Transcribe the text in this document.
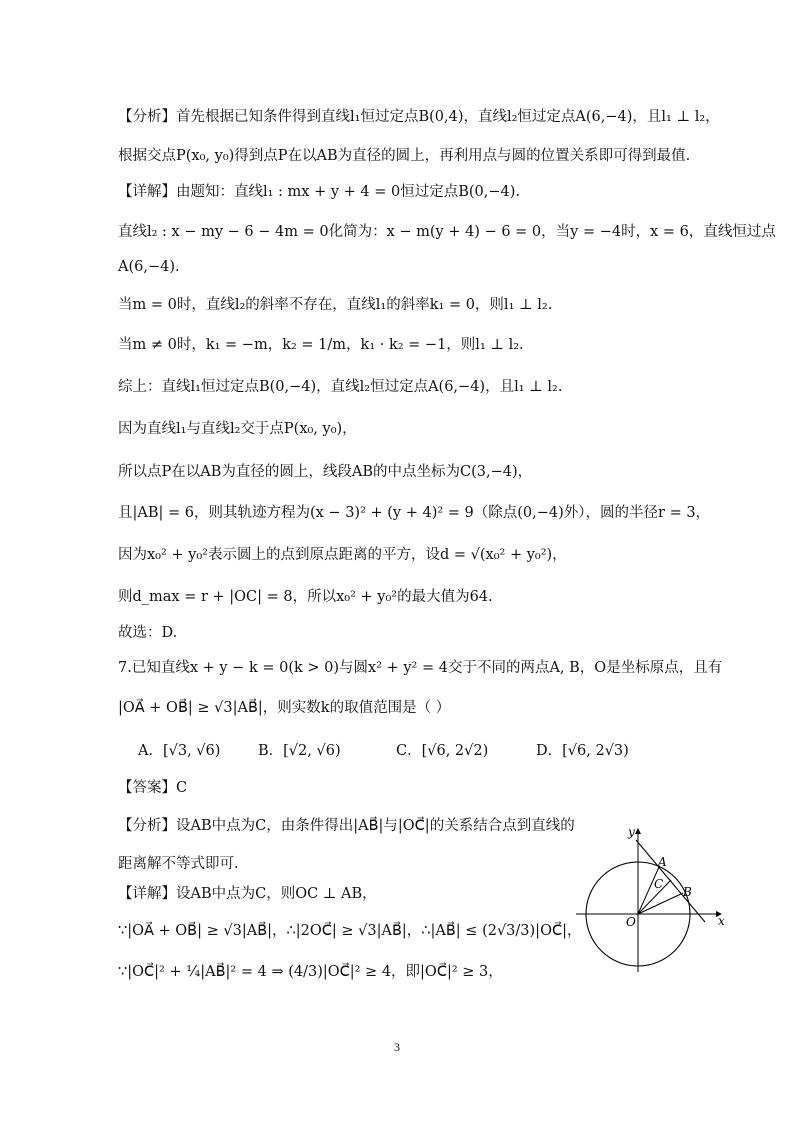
【分析】首先根据已知条件得到直线l₁恒过定点B(0,4)，直线l₂恒过定点A(6,−4)，且l₁ ⊥ l₂，
根据交点P(x₀, y₀)得到点P在以AB为直径的圆上，再利用点与圆的位置关系即可得到最值.
【详解】由题知：直线l₁ : mx + y + 4 = 0恒过定点B(0,−4).
直线l₂ : x − my − 6 − 4m = 0化简为：x − m(y + 4) − 6 = 0，当y = −4时，x = 6，直线恒过点
A(6,−4).
当m = 0时，直线l₂的斜率不存在，直线l₁的斜率k₁ = 0，则l₁ ⊥ l₂.
当m ≠ 0时，k₁ = −m，k₂ = 1/m，k₁ · k₂ = −1，则l₁ ⊥ l₂.
综上：直线l₁恒过定点B(0,−4)，直线l₂恒过定点A(6,−4)，且l₁ ⊥ l₂.
因为直线l₁与直线l₂交于点P(x₀, y₀)，
所以点P在以AB为直径的圆上，线段AB的中点坐标为C(3,−4)，
且|AB| = 6，则其轨迹方程为(x − 3)² + (y + 4)² = 9（除点(0,−4)外），圆的半径r = 3，
因为x₀² + y₀²表示圆上的点到原点距离的平方，设d = √(x₀² + y₀²)，
则d_max = r + |OC| = 8，所以x₀² + y₀²的最大值为64.
故选：D.
7.已知直线x + y − k = 0(k > 0)与圆x² + y² = 4交于不同的两点A, B，O是坐标原点，且有
|OA⃗ + OB⃗| ≥ √3|AB⃗|，则实数k的取值范围是（ ）
A．[√3, √6)	B．[√2, √6)	C．[√6, 2√2)	D．[√6, 2√3)
【答案】C
【分析】设AB中点为C，由条件得出|AB⃗|与|OC⃗|的关系结合点到直线的
距离解不等式即可.
【详解】设AB中点为C，则OC ⊥ AB，
∵|OA⃗ + OB⃗| ≥ √3|AB⃗|，∴|2OC⃗| ≥ √3|AB⃗|，∴|AB⃗| ≤ (2√3/3)|OC⃗|，
∵|OC⃗|² + ¼|AB⃗|² = 4 ⇒ (4/3)|OC⃗|² ≥ 4，即|OC⃗|² ≥ 3，
y
x
O
A
B
C
3
